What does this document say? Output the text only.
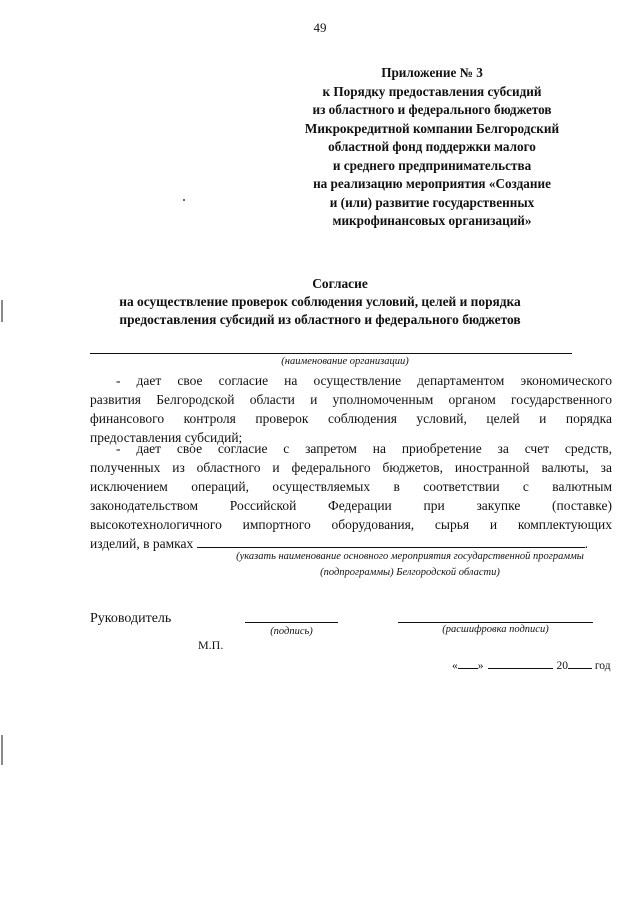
49
Приложение № 3
к Порядку предоставления субсидий
из областного и федерального бюджетов
Микрокредитной компании Белгородский
областной фонд поддержки малого
и среднего предпринимательства
на реализацию мероприятия «Создание
и (или) развитие государственных
микрофинансовых организаций»
Согласие
на осуществление проверок соблюдения условий, целей и порядка
предоставления субсидий из областного и федерального бюджетов
(наименование организации)
- дает свое согласие на осуществление департаментом экономического
развития Белгородской области и уполномоченным органом государственного
финансового контроля проверок соблюдения условий, целей и порядка
предоставления субсидий;
- дает свое согласие с запретом на приобретение за счет средств,
полученных из областного и федерального бюджетов, иностранной валюты, за
исключением операций, осуществляемых в соответствии с валютным
законодательством Российской Федерации при закупке (поставке)
высокотехнологичного импортного оборудования, сырья и комплектующих
изделий, в рамках	.
(указать наименование основного мероприятия государственной программы
(подпрограммы) Белгородской области)
Руководитель
(подпись)	(расшифровка подписи)
М.П.
« »	20 год
